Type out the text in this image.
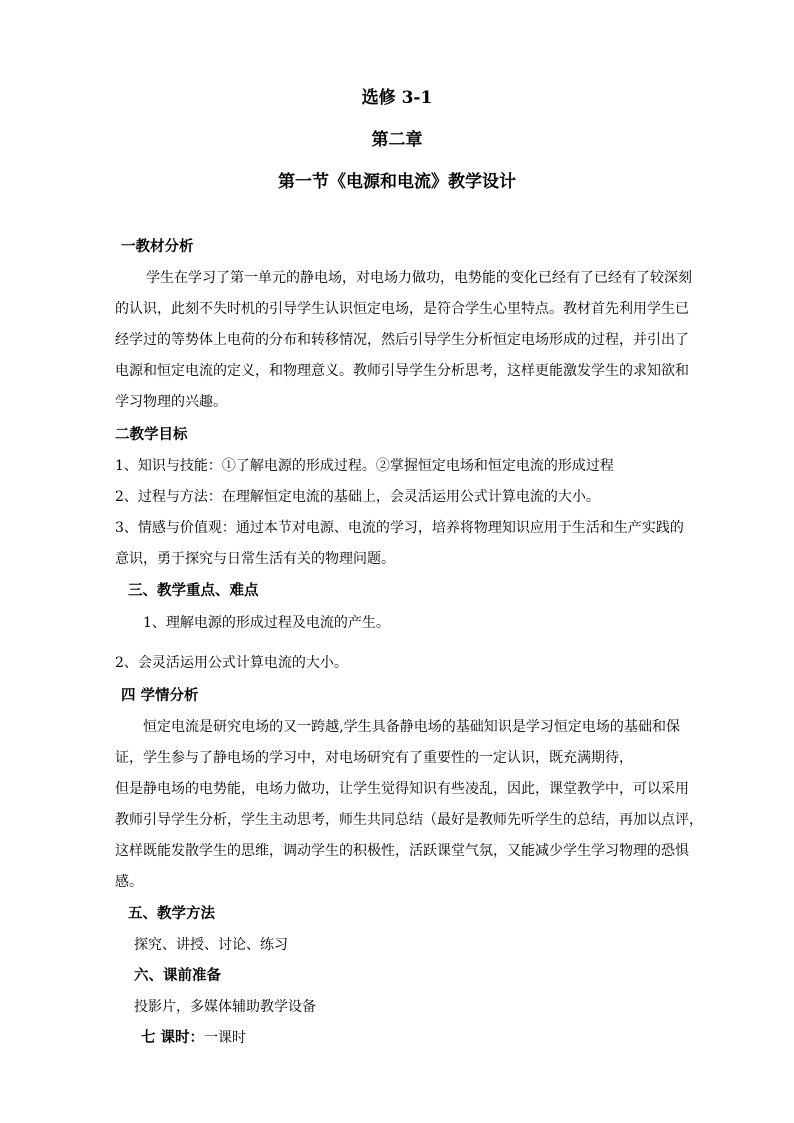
选修 3-1
第二章
第一节《电源和电流》教学设计
一教材分析
学生在学习了第一单元的静电场，对电场力做功，电势能的变化已经有了已经有了较深刻
的认识，此刻不失时机的引导学生认识恒定电场，是符合学生心里特点。教材首先利用学生已
经学过的等势体上电荷的分布和转移情况，然后引导学生分析恒定电场形成的过程，并引出了
电源和恒定电流的定义，和物理意义。教师引导学生分析思考，这样更能激发学生的求知欲和
学习物理的兴趣。
二教学目标
1、知识与技能：①了解电源的形成过程。②掌握恒定电场和恒定电流的形成过程
2、过程与方法：在理解恒定电流的基础上，会灵活运用公式计算电流的大小。
3、情感与价值观：通过本节对电源、电流的学习，培养将物理知识应用于生活和生产实践的
意识，勇于探究与日常生活有关的物理问题。
三、教学重点、难点
1、理解电源的形成过程及电流的产生。
2、会灵活运用公式计算电流的大小。
四 学情分析
恒定电流是研究电场的又一跨越,学生具备静电场的基础知识是学习恒定电场的基础和保
证，学生参与了静电场的学习中，对电场研究有了重要性的一定认识，既充满期待，
但是静电场的电势能，电场力做功，让学生觉得知识有些凌乱，因此，课堂教学中，可以采用
教师引导学生分析，学生主动思考，师生共同总结（最好是教师先听学生的总结，再加以点评，
这样既能发散学生的思维，调动学生的积极性，活跃课堂气氛，又能减少学生学习物理的恐惧
感。
五、教学方法
探究、讲授、讨论、练习
六、课前准备
投影片，多媒体辅助教学设备
七 课时：一课时
